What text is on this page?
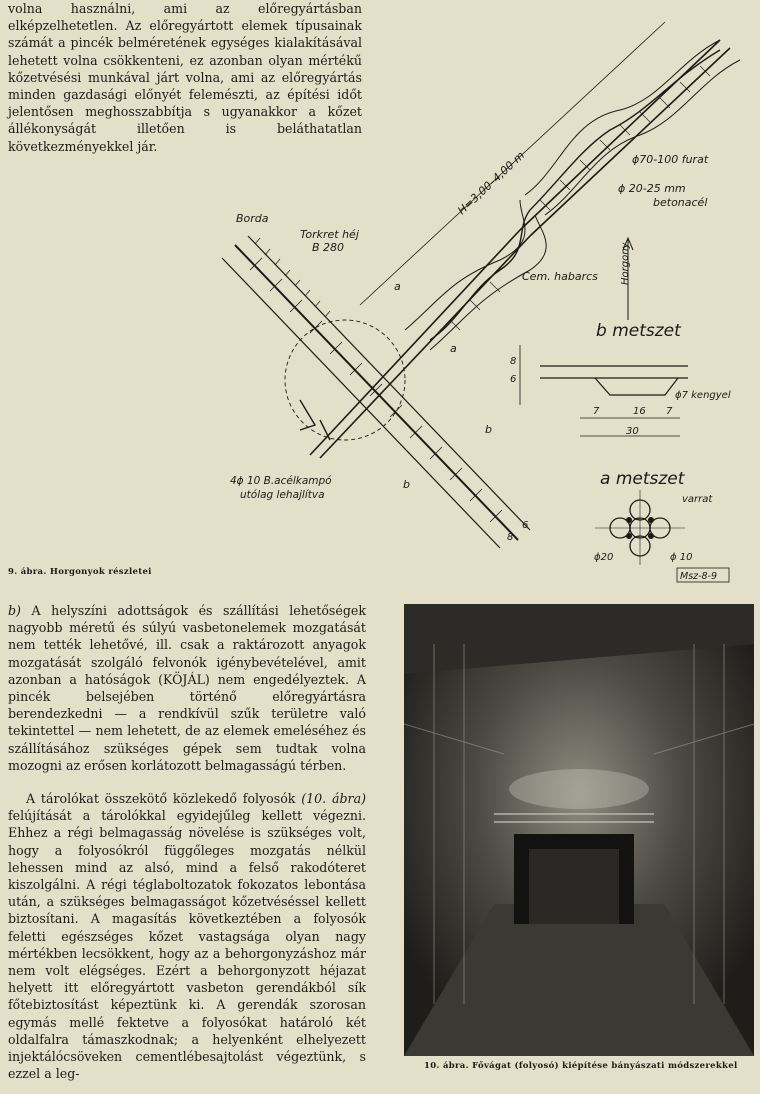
volna használni, ami az előregyártásban elképzelhetetlen. Az előregyártott elemek típusainak számát a pincék belméretének egységes kialakításával lehetett volna csökkenteni, ez azonban olyan mértékű kőzetvésési munkával járt volna, ami az előregyártás minden gazdasági előnyét felemészti, az építési időt jelentősen meghosszabbítja s ugyanakkor a kőzet állékonyságát illetően is beláthatatlan következményekkel jár.

Borda
Torkret héj
B 280
H=3,00–4,00 m	ϕ70-100 furat
ϕ 20-25 mm
betonacél
Cem. habarcs Horgony
b metszet
ϕ7 kengyel
7	16 7
30
8
6
8
6
a metszet
varrat
ϕ20	ϕ 10
4ϕ 10 B.acélkampó
utólag lehajlítva
a
a
b
b
Msz-8-9
9. ábra. Horgonyok részletei

b) A helyszíni adottságok és szállítási lehetőségek nagyobb méretű és súlyú vasbetonelemek mozgatását nem tették lehetővé, ill. csak a raktározott anyagok mozgatását szolgáló felvonók igénybevételével, amit azonban a hatóságok (KÖJÁL) nem engedélyeztek. A pincék belsejében történő előregyártásra berendezkedni — a rendkívül szűk területre való tekintettel — nem lehetett, de az elemek emeléséhez és szállításához szükséges gépek sem tudtak volna mozogni az erősen korlátozott belmagasságú térben.

A tárolókat összekötő közlekedő folyosók (10. ábra) felújítását a tárolókkal egyidejűleg kellett végezni. Ehhez a régi belmagasság növelése is szükséges volt, hogy a folyosókról függőleges mozgatás nélkül lehessen mind az alsó, mind a felső rakodóteret kiszolgálni. A régi téglaboltozatok fokozatos lebontása után, a szükséges belmagasságot kőzetvéséssel kellett biztosítani. A magasítás következtében a folyosók feletti egészséges kőzet vastagsága olyan nagy mértékben lecsökkent, hogy az a behorgonyzáshoz már nem volt elégséges. Ezért a behorgonyzott héjazat helyett itt előregyártott vasbeton gerendákból sík főtebiztosítást képeztünk ki. A gerendák szorosan egymás mellé fektetve a folyosókat határoló két oldalfalra támaszkodnak; a helyenként elhelyezett injektálócsöveken cementlébesajtolást végeztünk, s ezzel a leg-

10. ábra. Fővágat (folyosó) kiépítése bányászati módszerekkel
